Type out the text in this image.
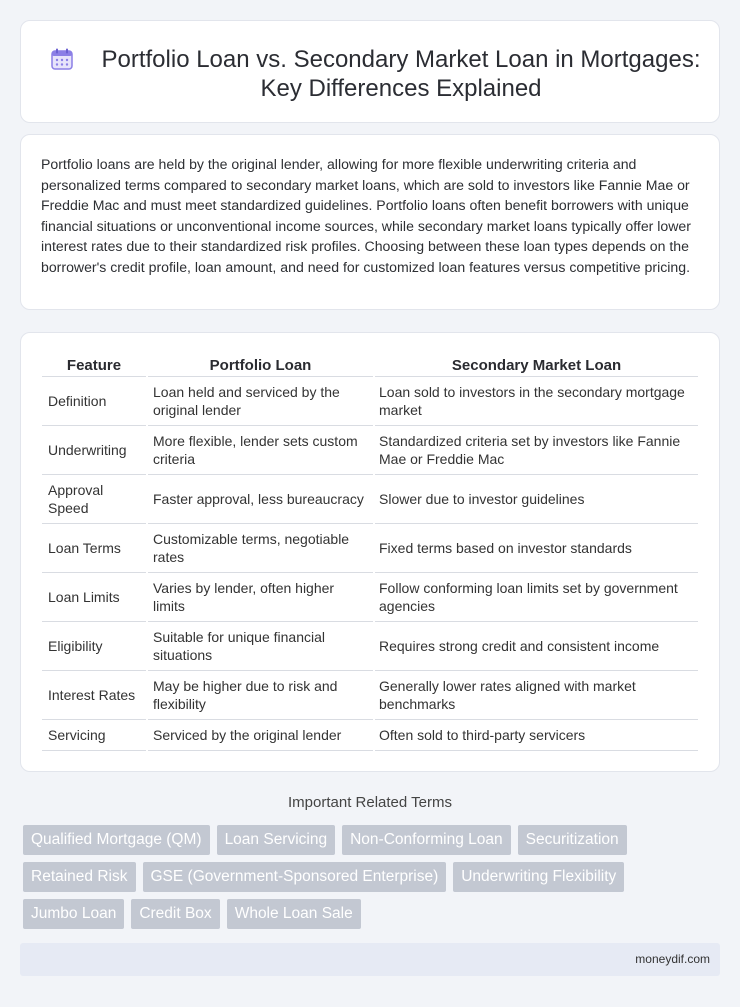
Portfolio Loan vs. Secondary Market Loan in Mortgages: Key Differences Explained

Portfolio loans are held by the original lender, allowing for more flexible underwriting criteria and personalized terms compared to secondary market loans, which are sold to investors like Fannie Mae or Freddie Mac and must meet standardized guidelines. Portfolio loans often benefit borrowers with unique financial situations or unconventional income sources, while secondary market loans typically offer lower interest rates due to their standardized risk profiles. Choosing between these loan types depends on the borrower's credit profile, loan amount, and need for customized loan features versus competitive pricing.

Feature	Portfolio Loan	Secondary Market Loan
Definition	Loan held and serviced by the original lender	Loan sold to investors in the secondary mortgage market
Underwriting	More flexible, lender sets custom criteria	Standardized criteria set by investors like Fannie Mae or Freddie Mac
Approval Speed	Faster approval, less bureaucracy	Slower due to investor guidelines
Loan Terms	Customizable terms, negotiable rates	Fixed terms based on investor standards
Loan Limits	Varies by lender, often higher limits	Follow conforming loan limits set by government agencies
Eligibility	Suitable for unique financial situations	Requires strong credit and consistent income
Interest Rates	May be higher due to risk and flexibility	Generally lower rates aligned with market benchmarks
Servicing	Serviced by the original lender	Often sold to third-party servicers
Important Related Terms
Qualified Mortgage (QM)	Loan Servicing	Non-Conforming Loan	Securitization
Retained Risk	GSE (Government-Sponsored Enterprise)	Underwriting Flexibility
Jumbo Loan	Credit Box	Whole Loan Sale
moneydif.com
